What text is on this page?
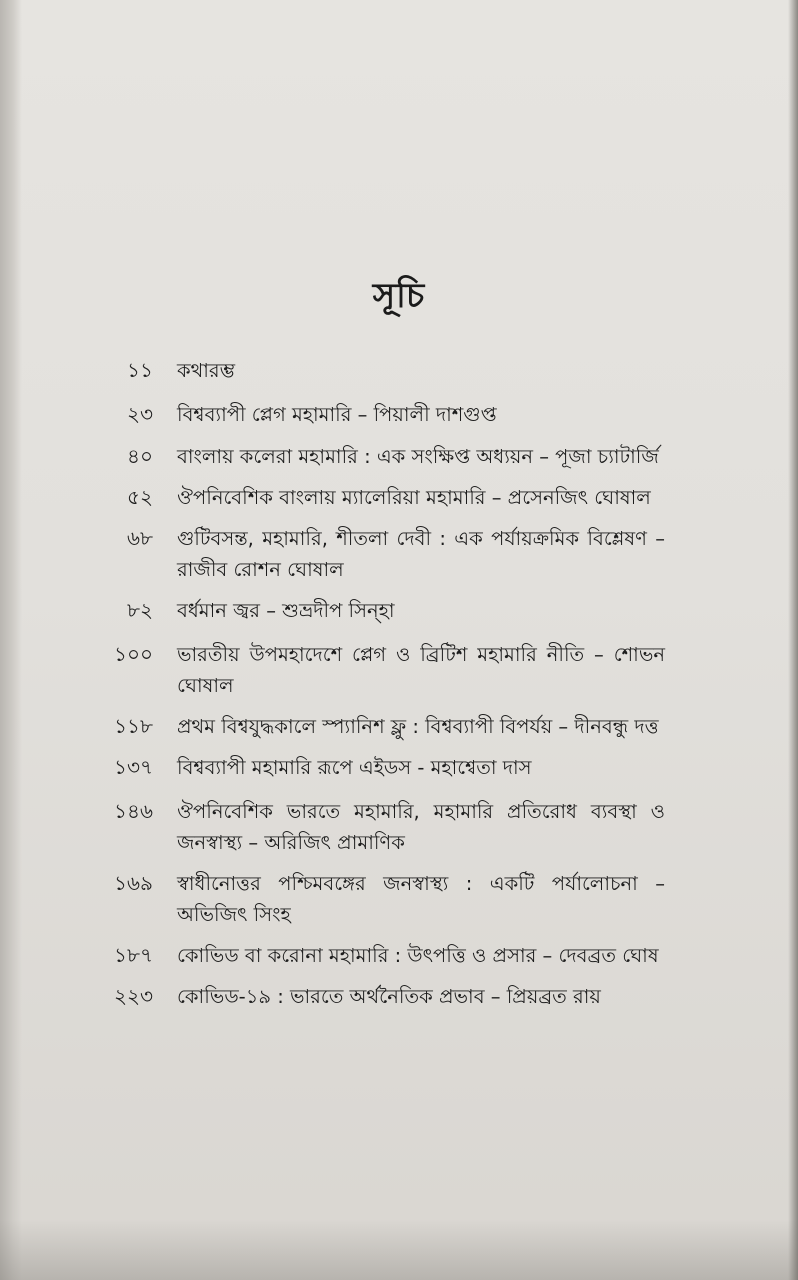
সূচি
১১	কথারম্ভ
২৩	বিশ্বব্যাপী প্লেগ মহামারি – পিয়ালী দাশগুপ্ত
৪০	বাংলায় কলেরা মহামারি : এক সংক্ষিপ্ত অধ্যয়ন – পূজা চ্যাটার্জি
৫২	ঔপনিবেশিক বাংলায় ম্যালেরিয়া মহামারি – প্রসেনজিৎ ঘোষাল
৬৮	গুটিবসন্ত, মহামারি, শীতলা দেবী : এক পর্যায়ক্রমিক বিশ্লেষণ – রাজীব রোশন ঘোষাল
৮২	বর্ধমান জ্বর – শুভ্রদীপ সিন্‌হা
১০০	ভারতীয় উপমহাদেশে প্লেগ ও ব্রিটিশ মহামারি নীতি – শোভন ঘোষাল
১১৮	প্রথম বিশ্বযুদ্ধকালে স্প্যানিশ ফ্লু : বিশ্বব্যাপী বিপর্যয় – দীনবন্ধু দত্ত
১৩৭	বিশ্বব্যাপী মহামারি রূপে এইডস - মহাশ্বেতা দাস
১৪৬	ঔপনিবেশিক ভারতে মহামারি, মহামারি প্রতিরোধ ব্যবস্থা ও জনস্বাস্থ্য – অরিজিৎ প্রামাণিক
১৬৯	স্বাধীনোত্তর পশ্চিমবঙ্গের জনস্বাস্থ্য : একটি পর্যালোচনা – অভিজিৎ সিংহ
১৮৭	কোভিড বা করোনা মহামারি : উৎপত্তি ও প্রসার – দেবব্রত ঘোষ
২২৩	কোভিড-১৯ : ভারতে অর্থনৈতিক প্রভাব – প্রিয়ব্রত রায়
